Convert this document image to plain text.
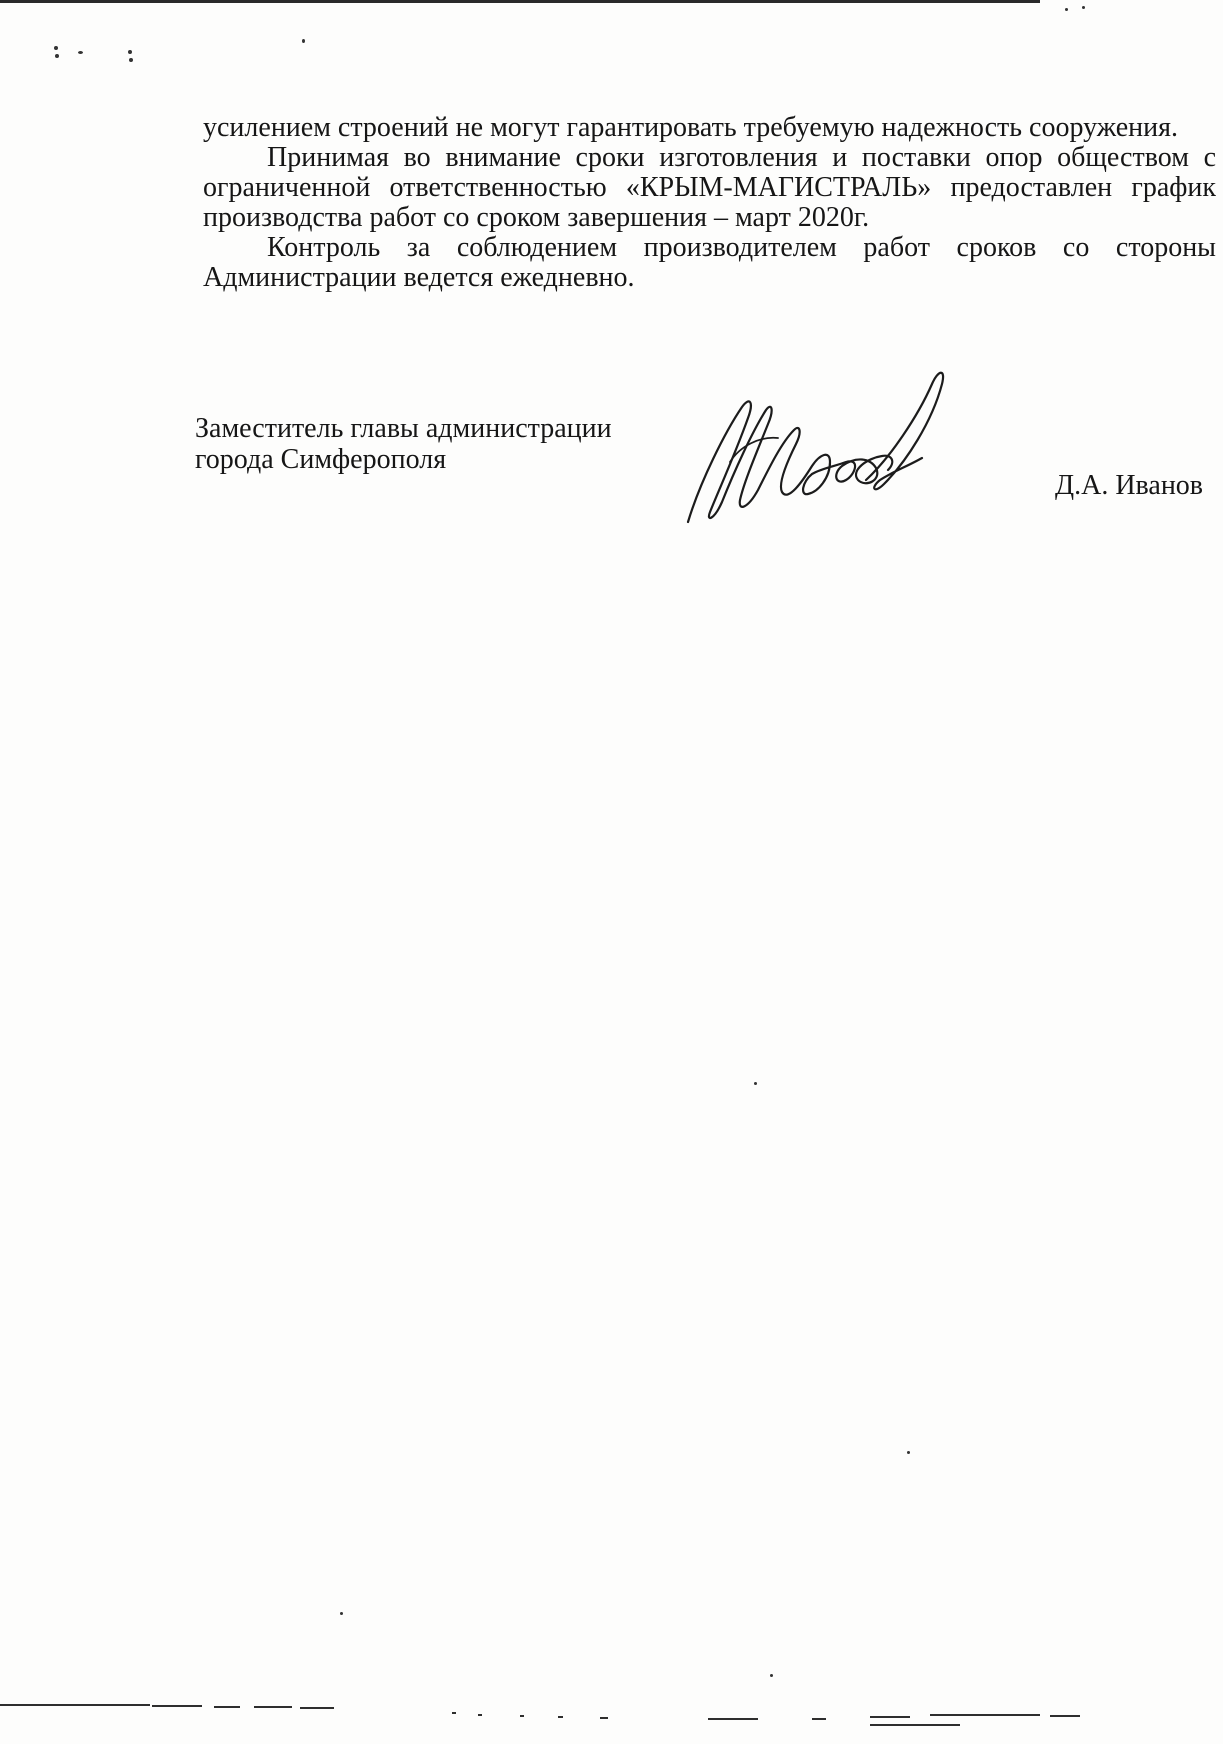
усилением строений не могут гарантировать требуемую надежность сооружения.

Принимая во внимание сроки изготовления и поставки опор обществом с ограниченной ответственностью «КРЫМ-МАГИСТРАЛЬ» предоставлен график производства работ со сроком завершения – март 2020г.

Контроль за соблюдением производителем работ сроков со стороны Администрации ведется ежедневно.

Заместитель главы администрации
города Симферополя
Д.А. Иванов
